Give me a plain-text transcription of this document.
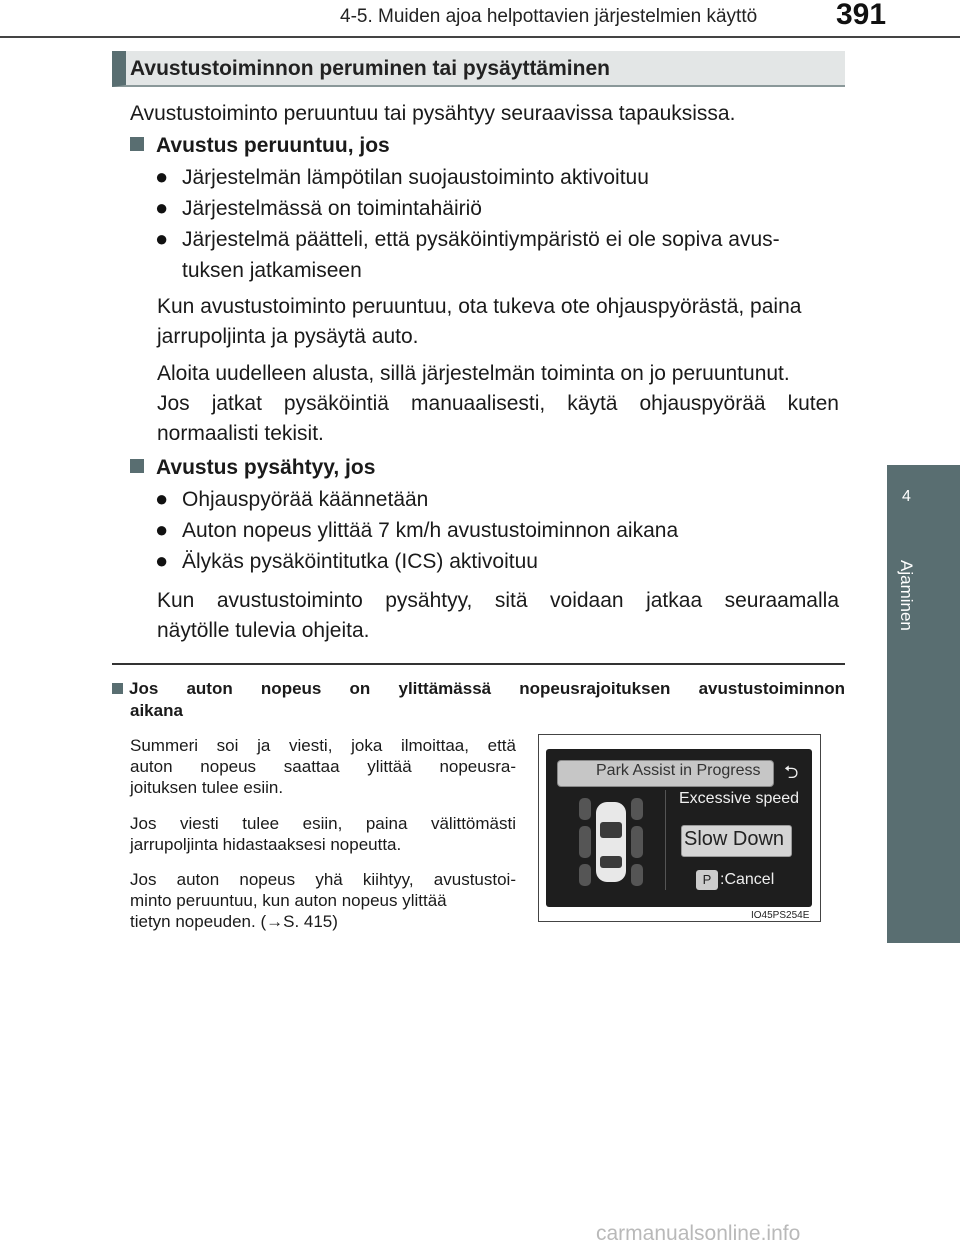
4-5. Muiden ajoa helpottavien järjestelmien käyttö	391
4
Ajaminen
Avustustoiminnon peruminen tai pysäyttäminen
Avustustoiminto peruuntuu tai pysähtyy seuraavissa tapauksissa.
Avustus peruuntuu, jos
● Järjestelmän lämpötilan suojaustoiminto aktivoituu
● Järjestelmässä on toimintahäiriö
● Järjestelmä päätteli, että pysäköintiympäristö ei ole sopiva avus-
tuksen jatkamiseen
Kun avustustoiminto peruuntuu, ota tukeva ote ohjauspyörästä, paina
jarrupoljinta ja pysäytä auto.
Aloita uudelleen alusta, sillä järjestelmän toiminta on jo peruuntunut.
Jos jatkat pysäköintiä manuaalisesti, käytä ohjauspyörää kuten
normaalisti tekisit.
Avustus pysähtyy, jos
● Ohjauspyörää käännetään
● Auton nopeus ylittää 7 km/h avustustoiminnon aikana
● Älykäs pysäköintitutka (ICS) aktivoituu
Kun avustustoiminto pysähtyy, sitä voidaan jatkaa seuraamalla
näytölle tulevia ohjeita.
Jos auton nopeus on ylittämässä nopeusrajoituksen avustustoiminnon
aikana
Summeri soi ja viesti, joka ilmoittaa, että
auton nopeus saattaa ylittää nopeusra-
joituksen tulee esiin.
Jos viesti tulee esiin, paina välittömästi
jarrupoljinta hidastaaksesi nopeutta.
Jos auton nopeus yhä kiihtyy, avustustoi-
minto peruuntuu, kun auton nopeus ylittää
tietyn nopeuden. (→S. 415)
Park Assist in Progress ⮌
Excessive speed
Slow Down
P :Cancel
IO45PS254E
carmanualsonline.info
